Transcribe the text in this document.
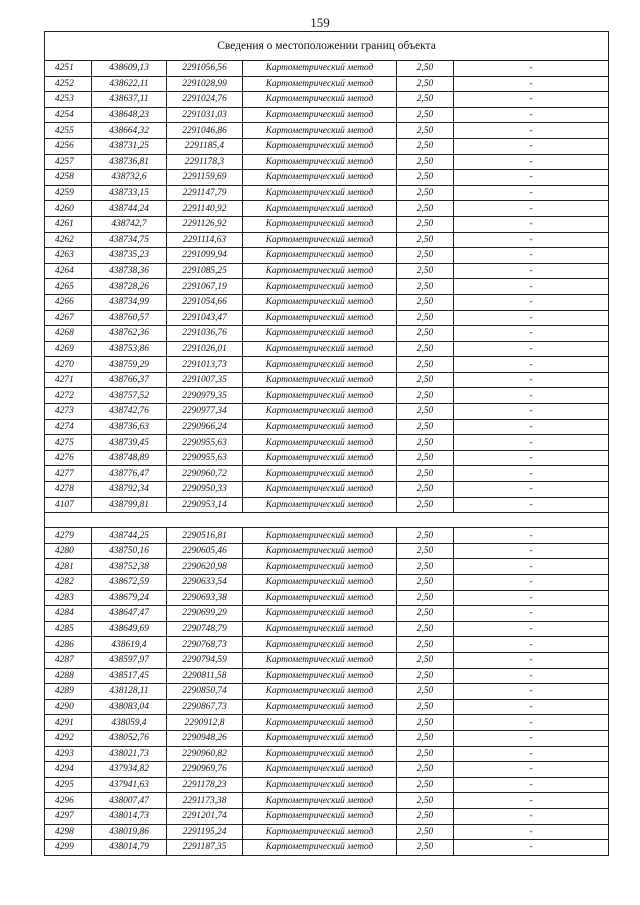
159
Сведения о местоположении границ объекта					
4251	438609,13	2291056,56	Картометрический метод	2,50	-
4252	438622,11	2291028,99	Картометрический метод	2,50	-
4253	438637,11	2291024,76	Картометрический метод	2,50	-
4254	438648,23	2291031,03	Картометрический метод	2,50	-
4255	438664,32	2291046,86	Картометрический метод	2,50	-
4256	438731,25	2291185,4	Картометрический метод	2,50	-
4257	438736,81	2291178,3	Картометрический метод	2,50	-
4258	438732,6	2291159,69	Картометрический метод	2,50	-
4259	438733,15	2291147,79	Картометрический метод	2,50	-
4260	438744,24	2291140,92	Картометрический метод	2,50	-
4261	438742,7	2291126,92	Картометрический метод	2,50	-
4262	438734,75	2291114,63	Картометрический метод	2,50	-
4263	438735,23	2291099,94	Картометрический метод	2,50	-
4264	438738,36	2291085,25	Картометрический метод	2,50	-
4265	438728,26	2291067,19	Картометрический метод	2,50	-
4266	438734,99	2291054,66	Картометрический метод	2,50	-
4267	438760,57	2291043,47	Картометрический метод	2,50	-
4268	438762,36	2291036,76	Картометрический метод	2,50	-
4269	438753,86	2291026,01	Картометрический метод	2,50	-
4270	438759,29	2291013,73	Картометрический метод	2,50	-
4271	438766,37	2291007,35	Картометрический метод	2,50	-
4272	438757,52	2290979,35	Картометрический метод	2,50	-
4273	438742,76	2290977,34	Картометрический метод	2,50	-
4274	438736,63	2290966,24	Картометрический метод	2,50	-
4275	438739,45	2290955,63	Картометрический метод	2,50	-
4276	438748,89	2290955,63	Картометрический метод	2,50	-
4277	438776,47	2290960,72	Картометрический метод	2,50	-
4278	438792,34	2290950,33	Картометрический метод	2,50	-
4107	438799,81	2290953,14	Картометрический метод	2,50	-

4279	438744,25	2290516,81	Картометрический метод	2,50	-
4280	438750,16	2290605,46	Картометрический метод	2,50	-
4281	438752,38	2290620,98	Картометрический метод	2,50	-
4282	438672,59	2290633,54	Картометрический метод	2,50	-
4283	438679,24	2290693,38	Картометрический метод	2,50	-
4284	438647,47	2290699,29	Картометрический метод	2,50	-
4285	438649,69	2290748,79	Картометрический метод	2,50	-
4286	438619,4	2290768,73	Картометрический метод	2,50	-
4287	438597,97	2290794,59	Картометрический метод	2,50	-
4288	438517,45	2290811,58	Картометрический метод	2,50	-
4289	438128,11	2290850,74	Картометрический метод	2,50	-
4290	438083,04	2290867,73	Картометрический метод	2,50	-
4291	438059,4	2290912,8	Картометрический метод	2,50	-
4292	438052,76	2290948,26	Картометрический метод	2,50	-
4293	438021,73	2290960,82	Картометрический метод	2,50	-
4294	437934,82	2290969,76	Картометрический метод	2,50	-
4295	437941,63	2291178,23	Картометрический метод	2,50	-
4296	438007,47	2291173,38	Картометрический метод	2,50	-
4297	438014,73	2291201,74	Картометрический метод	2,50	-
4298	438019,86	2291195,24	Картометрический метод	2,50	-
4299	438014,79	2291187,35	Картометрический метод	2,50	-
